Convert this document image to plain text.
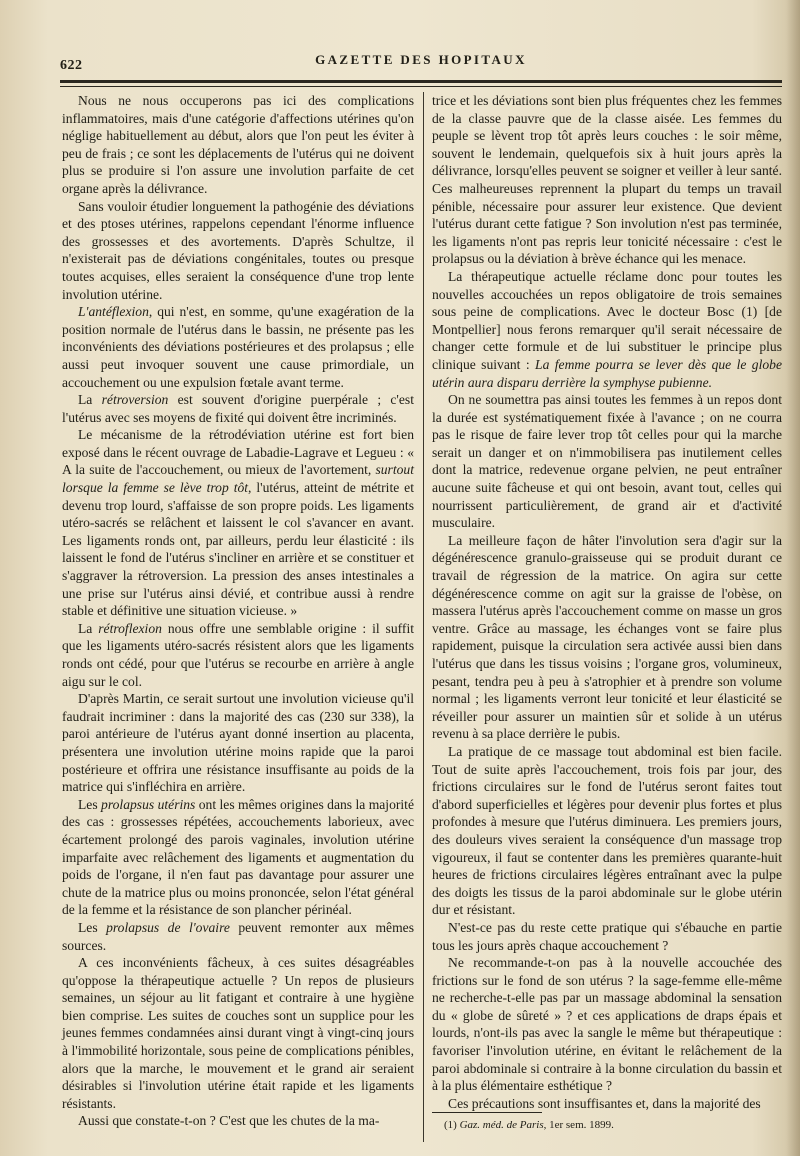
622	GAZETTE DES HOPITAUX

Nous ne nous occuperons pas ici des complications inflammatoires, mais d'une catégorie d'affections utérines qu'on néglige habituellement au début, alors que l'on peut les éviter à peu de frais ; ce sont les déplacements de l'utérus qui ne doivent plus se produire si l'on assure une involution parfaite de cet organe après la délivrance.

Sans vouloir étudier longuement la pathogénie des déviations et des ptoses utérines, rappelons cependant l'énorme influence des grossesses et des avortements. D'après Schultze, il n'existerait pas de déviations congénitales, toutes ou presque toutes acquises, elles seraient la conséquence d'une trop lente involution utérine.

L'antéflexion, qui n'est, en somme, qu'une exagération de la position normale de l'utérus dans le bassin, ne présente pas les inconvénients des déviations postérieures et des prolapsus ; elle aussi peut invoquer souvent une cause primordiale, un accouchement ou une expulsion fœtale avant terme.

La rétroversion est souvent d'origine puerpérale ; c'est l'utérus avec ses moyens de fixité qui doivent être incriminés.

Le mécanisme de la rétrodéviation utérine est fort bien exposé dans le récent ouvrage de Labadie-Lagrave et Legueu : « A la suite de l'accouchement, ou mieux de l'avortement, surtout lorsque la femme se lève trop tôt, l'utérus, atteint de métrite et devenu trop lourd, s'affaisse de son propre poids. Les ligaments utéro-sacrés se relâchent et laissent le col s'avancer en avant. Les ligaments ronds ont, par ailleurs, perdu leur élasticité : ils laissent le fond de l'utérus s'incliner en arrière et se constituer et s'aggraver la rétroversion. La pression des anses intestinales a une prise sur l'utérus ainsi dévié, et contribue aussi à rendre stable et définitive une situation vicieuse. »

La rétroflexion nous offre une semblable origine : il suffit que les ligaments utéro-sacrés résistent alors que les ligaments ronds ont cédé, pour que l'utérus se recourbe en arrière à angle aigu sur le col.

D'après Martin, ce serait surtout une involution vicieuse qu'il faudrait incriminer : dans la majorité des cas (230 sur 338), la paroi antérieure de l'utérus ayant donné insertion au placenta, présentera une involution utérine moins rapide que la paroi postérieure et offrira une résistance insuffisante au poids de la matrice qui s'infléchira en arrière.

Les prolapsus utérins ont les mêmes origines dans la majorité des cas : grossesses répétées, accouchements laborieux, avec écartement prolongé des parois vaginales, involution utérine imparfaite avec relâchement des ligaments et augmentation du poids de l'organe, il n'en faut pas davantage pour assurer une chute de la matrice plus ou moins prononcée, selon l'état général de la femme et la résistance de son plancher périnéal.

Les prolapsus de l'ovaire peuvent remonter aux mêmes sources.

A ces inconvénients fâcheux, à ces suites désagréables qu'oppose la thérapeutique actuelle ? Un repos de plusieurs semaines, un séjour au lit fatigant et contraire à une hygiène bien comprise. Les suites de couches sont un supplice pour les jeunes femmes condamnées ainsi durant vingt à vingt-cinq jours à l'immobilité horizontale, sous peine de complications pénibles, alors que la marche, le mouvement et le grand air seraient désirables si l'involution utérine était rapide et les ligaments résistants.

Aussi que constate-t-on ? C'est que les chutes de la ma-

trice et les déviations sont bien plus fréquentes chez les femmes de la classe pauvre que de la classe aisée. Les femmes du peuple se lèvent trop tôt après leurs couches : le soir même, souvent le lendemain, quelquefois six à huit jours après la délivrance, lorsqu'elles peuvent se soigner et veiller à leur santé. Ces malheureuses reprennent la plupart du temps un travail pénible, nécessaire pour assurer leur existence. Que devient l'utérus durant cette fatigue ? Son involution n'est pas terminée, les ligaments n'ont pas repris leur tonicité nécessaire : c'est le prolapsus ou la déviation à brève échance qui les menace.

La thérapeutique actuelle réclame donc pour toutes les nouvelles accouchées un repos obligatoire de trois semaines sous peine de complications. Avec le docteur Bosc (1) [de Montpellier] nous ferons remarquer qu'il serait nécessaire de changer cette formule et de lui substituer le principe plus clinique suivant : La femme pourra se lever dès que le globe utérin aura disparu derrière la symphyse pubienne.

On ne soumettra pas ainsi toutes les femmes à un repos dont la durée est systématiquement fixée à l'avance ; on ne courra pas le risque de faire lever trop tôt celles pour qui la marche serait un danger et on n'immobilisera pas inutilement celles dont la matrice, redevenue organe pelvien, ne peut entraîner aucune suite fâcheuse et qui ont besoin, avant tout, celles qui nourrissent particulièrement, de grand air et d'activité musculaire.

La meilleure façon de hâter l'involution sera d'agir sur la dégénérescence granulo-graisseuse qui se produit durant ce travail de régression de la matrice. On agira sur cette dégénérescence comme on agit sur la graisse de l'obèse, on massera l'utérus après l'accouchement comme on masse un gros ventre. Grâce au massage, les échanges vont se faire plus rapidement, puisque la circulation sera activée aussi bien dans l'utérus que dans les tissus voisins ; l'organe gros, volumineux, pesant, tendra peu à peu à s'atrophier et à prendre son volume normal ; les ligaments verront leur tonicité et leur élasticité se réveiller pour assurer un maintien sûr et solide à un utérus revenu à sa place derrière le pubis.

La pratique de ce massage tout abdominal est bien facile. Tout de suite après l'accouchement, trois fois par jour, des frictions circulaires sur le fond de l'utérus seront faites tout d'abord superficielles et légères pour devenir plus fortes et plus profondes à mesure que l'utérus diminuera. Les premiers jours, des douleurs vives seraient la conséquence d'un massage trop vigoureux, il faut se contenter dans les premières quarante-huit heures de frictions circulaires légères entraînant avec la pulpe des doigts les tissus de la paroi abdominale sur le globe utérin dur et résistant.

N'est-ce pas du reste cette pratique qui s'ébauche en partie tous les jours après chaque accouchement ?

Ne recommande-t-on pas à la nouvelle accouchée des frictions sur le fond de son utérus ? la sage-femme elle-même ne recherche-t-elle pas par un massage abdominal la sensation du « globe de sûreté » ? et ces applications de draps épais et lourds, n'ont-ils pas avec la sangle le même but thérapeutique : favoriser l'involution utérine, en évitant le relâchement de la paroi abdominale si contraire à la bonne circulation du bassin et à la plus élémentaire esthétique ?

Ces précautions sont insuffisantes et, dans la majorité des

(1) Gaz. méd. de Paris, 1er sem. 1899.
